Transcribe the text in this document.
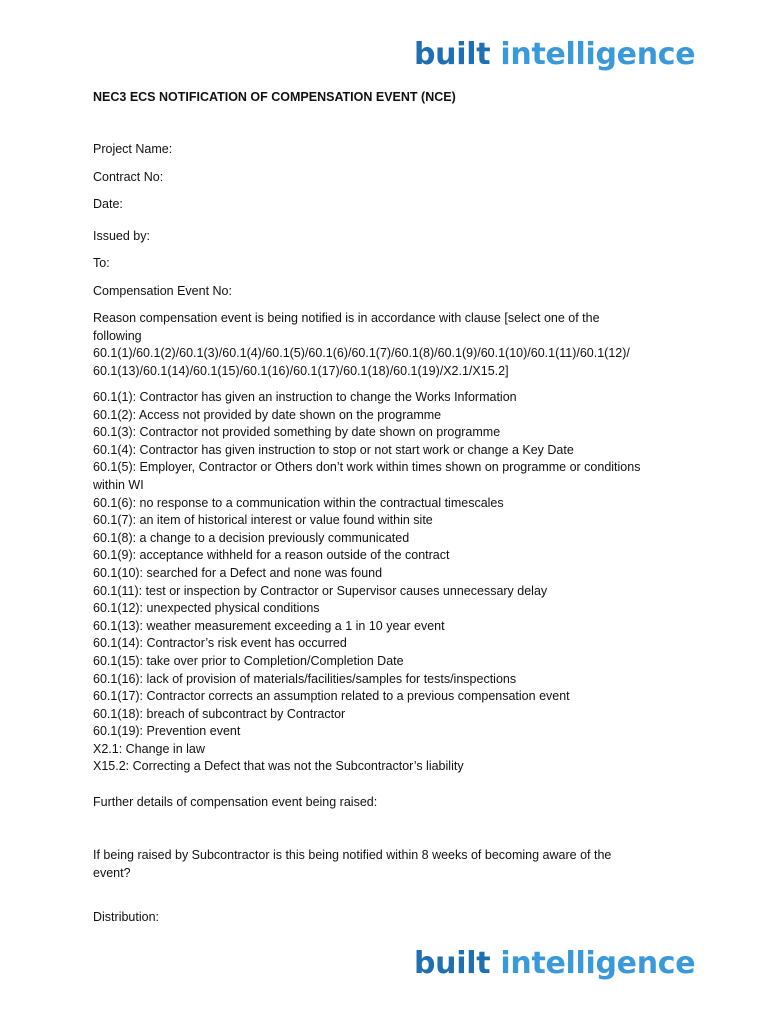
built intelligence
NEC3 ECS NOTIFICATION OF COMPENSATION EVENT (NCE)
Project Name:
Contract No:
Date:
Issued by:
To:
Compensation Event No:
Reason compensation event is being notified is in accordance with clause [select one of the
following
60.1(1)/60.1(2)/60.1(3)/60.1(4)/60.1(5)/60.1(6)/60.1(7)/60.1(8)/60.1(9)/60.1(10)/60.1(11)/60.1(12)/
60.1(13)/60.1(14)/60.1(15)/60.1(16)/60.1(17)/60.1(18)/60.1(19)/X2.1/X15.2]
60.1(1): Contractor has given an instruction to change the Works Information
60.1(2): Access not provided by date shown on the programme
60.1(3): Contractor not provided something by date shown on programme
60.1(4): Contractor has given instruction to stop or not start work or change a Key Date
60.1(5): Employer, Contractor or Others don’t work within times shown on programme or conditions
within WI
60.1(6): no response to a communication within the contractual timescales
60.1(7): an item of historical interest or value found within site
60.1(8): a change to a decision previously communicated
60.1(9): acceptance withheld for a reason outside of the contract
60.1(10): searched for a Defect and none was found
60.1(11): test or inspection by Contractor or Supervisor causes unnecessary delay
60.1(12): unexpected physical conditions
60.1(13): weather measurement exceeding a 1 in 10 year event
60.1(14): Contractor’s risk event has occurred
60.1(15): take over prior to Completion/Completion Date
60.1(16): lack of provision of materials/facilities/samples for tests/inspections
60.1(17): Contractor corrects an assumption related to a previous compensation event
60.1(18): breach of subcontract by Contractor
60.1(19): Prevention event
X2.1: Change in law
X15.2: Correcting a Defect that was not the Subcontractor’s liability
Further details of compensation event being raised:
If being raised by Subcontractor is this being notified within 8 weeks of becoming aware of the
event?
Distribution:
built intelligence
